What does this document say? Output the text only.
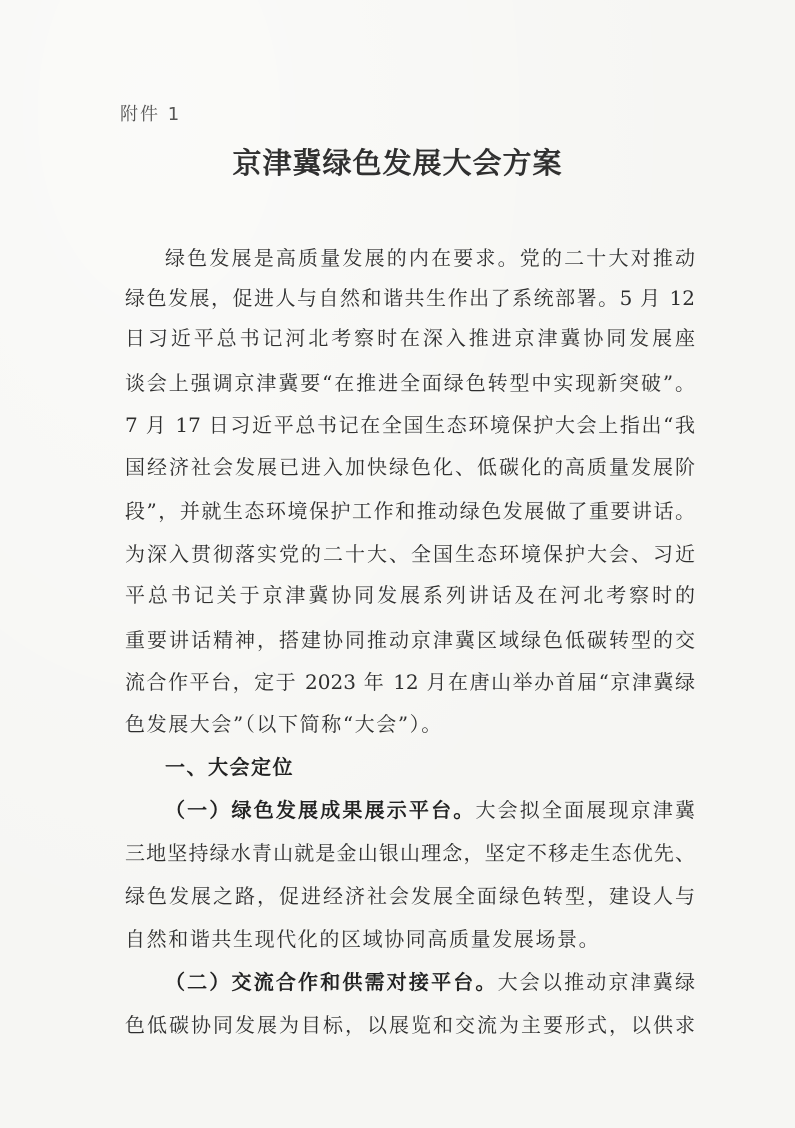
附件 1
京津冀绿色发展大会方案
绿色发展是高质量发展的内在要求。党的二十大对推动
绿色发展，促进人与自然和谐共生作出了系统部署。5 月 12
日习近平总书记河北考察时在深入推进京津冀协同发展座
谈会上强调京津冀要“在推进全面绿色转型中实现新突破”。
7 月 17 日习近平总书记在全国生态环境保护大会上指出“我
国经济社会发展已进入加快绿色化、低碳化的高质量发展阶
段”，并就生态环境保护工作和推动绿色发展做了重要讲话。
为深入贯彻落实党的二十大、全国生态环境保护大会、习近
平总书记关于京津冀协同发展系列讲话及在河北考察时的
重要讲话精神，搭建协同推动京津冀区域绿色低碳转型的交
流合作平台，定于 2023 年 12 月在唐山举办首届“京津冀绿
色发展大会”（以下简称“大会”）。
一、大会定位
（一）绿色发展成果展示平台。大会拟全面展现京津冀
三地坚持绿水青山就是金山银山理念，坚定不移走生态优先、
绿色发展之路，促进经济社会发展全面绿色转型，建设人与
自然和谐共生现代化的区域协同高质量发展场景。
（二）交流合作和供需对接平台。大会以推动京津冀绿
色低碳协同发展为目标，以展览和交流为主要形式，以供求
